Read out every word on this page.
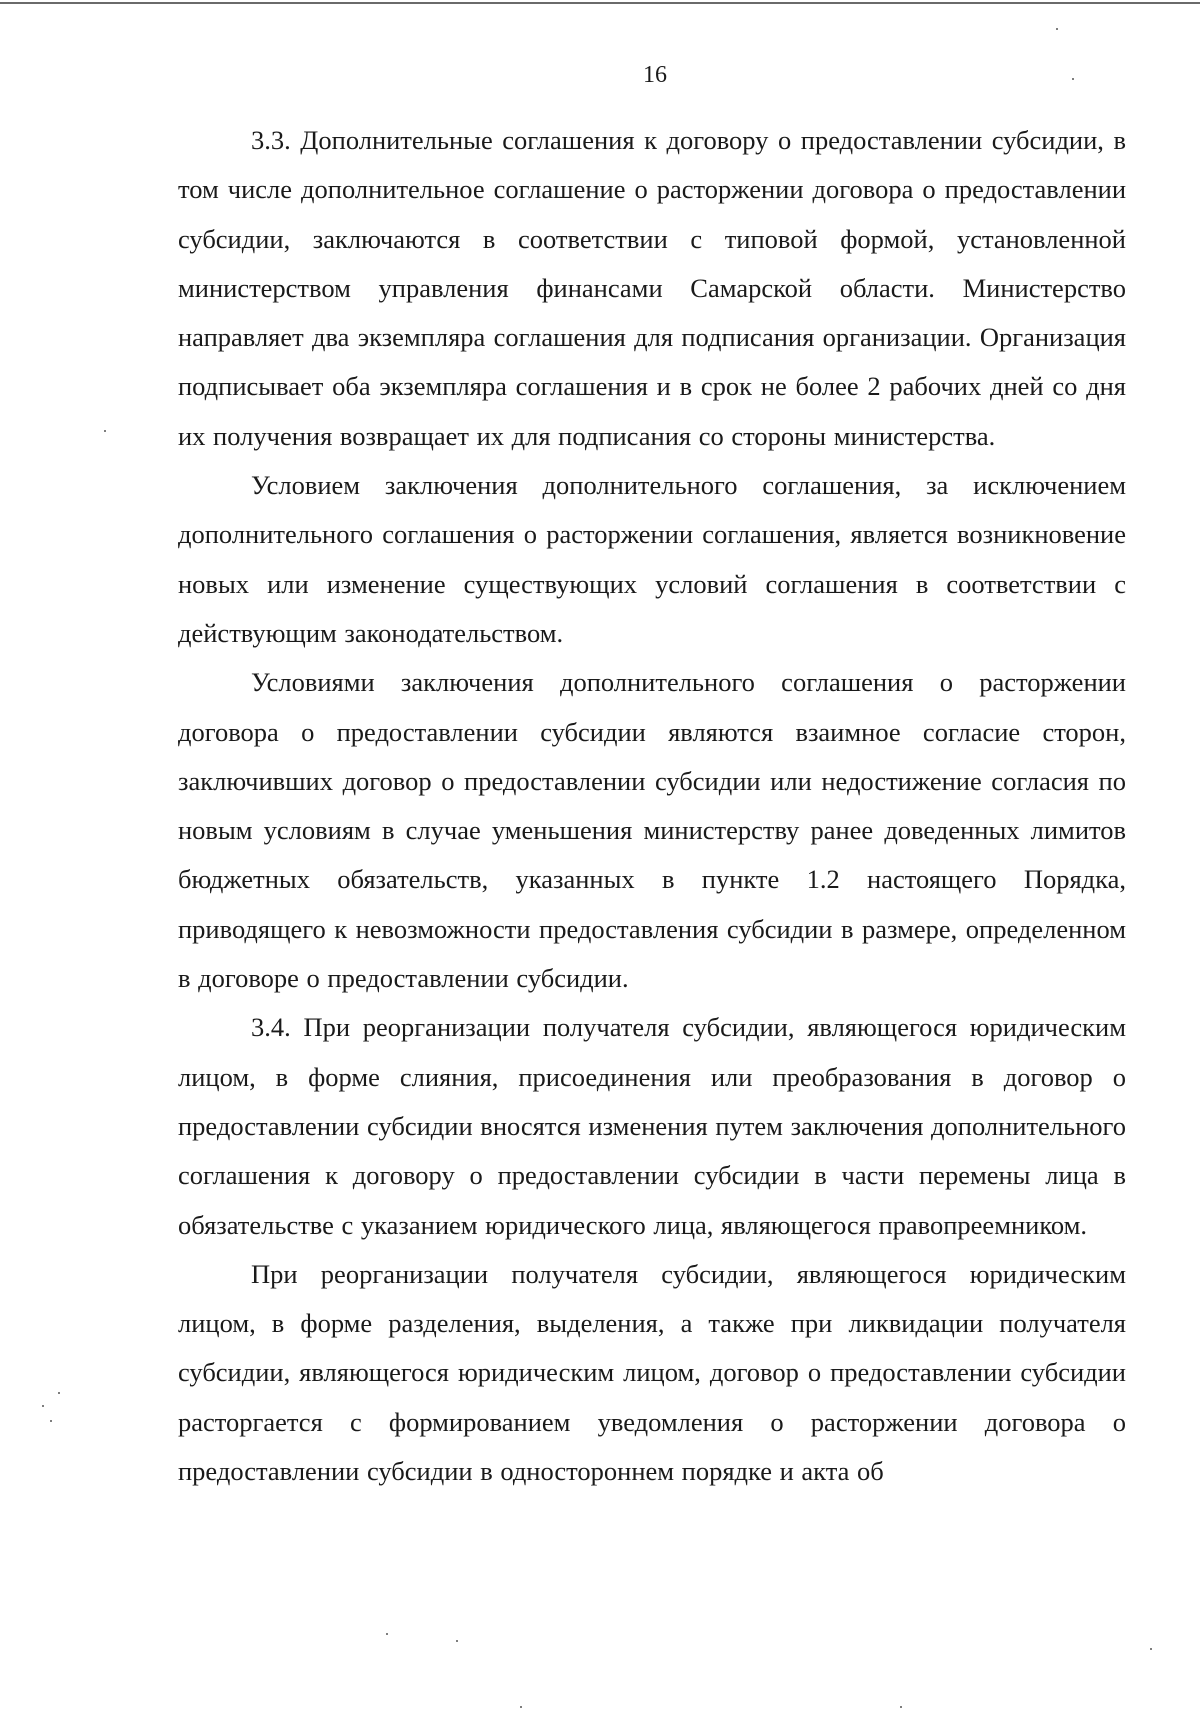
16

3.3. Дополнительные соглашения к договору о предоставлении субсидии, в том числе дополнительное соглашение о расторжении договора о предоставлении субсидии, заключаются в соответствии с типовой формой, установленной министерством управления финансами Самарской области. Министерство направляет два экземпляра соглашения для подписания организации. Организация подписывает оба экземпляра соглашения и в срок не более 2 рабочих дней со дня их получения возвращает их для подписания со стороны министерства.

Условием заключения дополнительного соглашения, за исключением дополнительного соглашения о расторжении соглашения, является возникновение новых или изменение существующих условий соглашения в соответствии с действующим законодательством.

Условиями заключения дополнительного соглашения о расторжении договора о предоставлении субсидии являются взаимное согласие сторон, заключивших договор о предоставлении субсидии или недостижение согласия по новым условиям в случае уменьшения министерству ранее доведенных лимитов бюджетных обязательств, указанных в пункте 1.2 настоящего Порядка, приводящего к невозможности предоставления субсидии в размере, определенном в договоре о предоставлении субсидии.

3.4. При реорганизации получателя субсидии, являющегося юридическим лицом, в форме слияния, присоединения или преобразования в договор о предоставлении субсидии вносятся изменения путем заключения дополнительного соглашения к договору о предоставлении субсидии в части перемены лица в обязательстве с указанием юридического лица, являющегося правопреемником.

При реорганизации получателя субсидии, являющегося юридическим лицом, в форме разделения, выделения, а также при ликвидации получателя субсидии, являющегося юридическим лицом, договор о предоставлении субсидии расторгается с формированием уведомления о расторжении договора о предоставлении субсидии в одностороннем порядке и акта об
